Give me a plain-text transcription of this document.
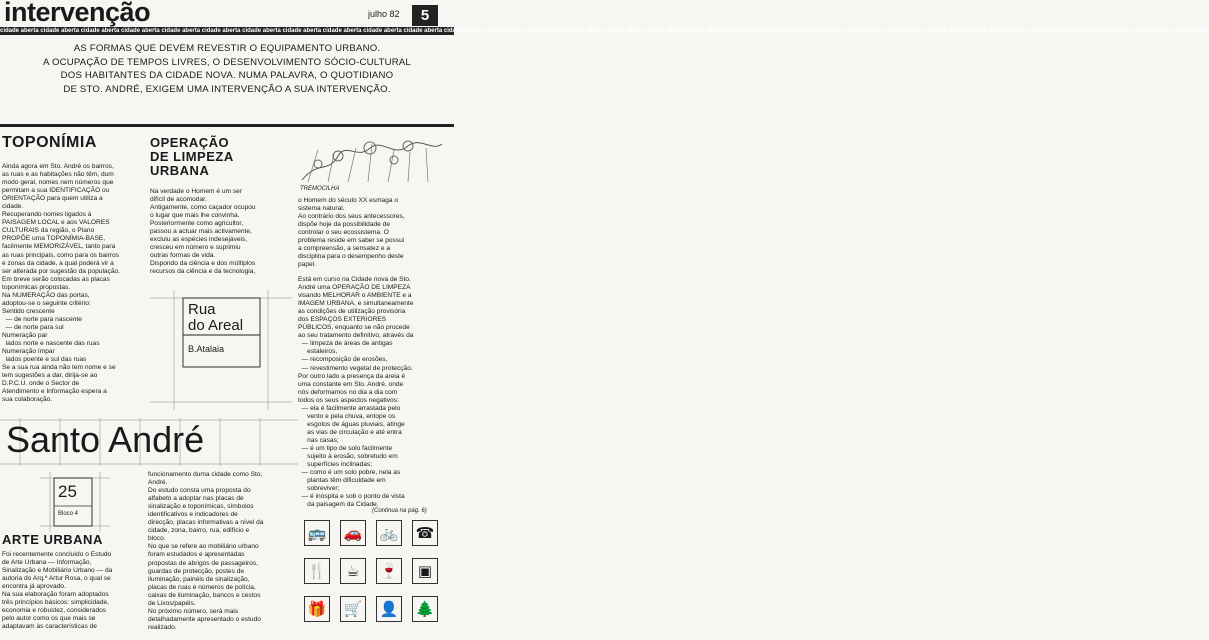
intervenção	julho 82	5
cidade aberta cidade aberta cidade aberta cidade aberta cidade aberta cidade aberta cidade aberta cidade aberta cidade aberta cidade aberta cidade aberta cidade aberta cidade aberta cidade aberta cidade aberta cidade aberta cidade aberta cidade aberta cidade aberta cidade aberta cidade aberta cidade aberta cidade aberta cidade aberta cidade aberta cidade aberta cidade aberta cidade aberta cidade aberta cidade aberta
AS FORMAS QUE DEVEM REVESTIR O EQUIPAMENTO URBANO.
A OCUPAÇÃO DE TEMPOS LIVRES, O DESENVOLVIMENTO SÓCIO-CULTURAL
DOS HABITANTES DA CIDADE NOVA. NUMA PALAVRA, O QUOTIDIANO
DE STO. ANDRÉ, EXIGEM UMA INTERVENÇÃO A SUA INTERVENÇÃO.
TOPONÍMIA
Ainda agora em Sto. André os bairros,
as ruas e as habitações não têm, dum
modo geral, nomes nem números que
permitam a sua IDENTIFICAÇÃO ou
ORIENTAÇÃO para quem utiliza a
cidade.
Recuperando nomes ligados à
PAISAGEM LOCAL e aos VALORES
CULTURAIS da região, o Plano
PROPÕE uma TOPONÍMIA-BASE,
facilmente MEMORIZÁVEL, tanto para
as ruas principais, como para os bairros
e zonas da cidade, a qual poderá vir a
ser alterada por sugestão da população.
Em breve serão colocadas as placas
toponímicas propostas.
Na NUMERAÇÃO das portas,
adoptou-se o seguinte critério:
Sentido crescente
— de norte para nascente
— de norte para sul
Numeração par
lados norte e nascente das ruas
Numeração ímpar
lados poente e sul das ruas
Se a sua rua ainda não tem nome e se
tem sugestões a dar, dirija-se ao
D.P.C.U. onde o Sector de
Atendimento e Informação espera a
sua colaboração.
OPERAÇÃO
DE LIMPEZA
URBANA
Na verdade o Homem é um ser
difícil de acomodar.
Antigamente, como caçador ocupou
o lugar que mais lhe convinha.
Posteriormente como agricultor,
passou a actuar mais activamente,
excluiu as espécies indesejáveis,
cresceu em número e suprimiu
outras formas de vida.
Dispondo da ciência e dos múltiplos
recursos da ciência e da tecnologia,
TREMOCILHA
o Homem do século XX esmaga o
sistema natural.
Ao contrário dos seus antecessores,
dispõe hoje da possibilidade de
controlar o seu ecossistema. O
problema reside em saber se possui
a compreensão, a sensatez e a
disciplina para o desempenho deste
papel.
Está em curso na Cidade nova de Sto.
André uma OPERAÇÃO DE LIMPEZA
visando MELHORAR o AMBIENTE e a
IMAGEM URBANA, e simultaneamente
as condições de utilização provisória
dos ESPAÇOS EXTERIORES
PÚBLICOS, enquanto se não procede
ao seu tratamento definitivo, através da
— limpeza de áreas de antigas
estaleiros,
— recomposição de erosões,
— revestimento vegetal de protecção.
Por outro lado a presença da areia é
uma constante em Sto. André, onde
nós deformamos no dia a dia com
todos os seus aspectos negativos:
— ela é facilmente arrastada pelo
vento e pela chuva, entope os
esgotos de águas pluviais, atinge
as vias de circulação e até entra
nas casas;
— é um tipo de solo facilmente
sujeito à erosão, sobretudo em
superfícies inclinadas;
— como é um solo pobre, nela as
plantas têm dificuldade em
sobreviver;
— é inóspita e sob o ponto de vista
da paisagem da Cidade.
(Continua na pág. 6)
Rua
do Areal
B.Atalaia
Santo André
25
Bloco 4
ARTE URBANA
Foi recentemente concluído o Estudo
de Arte Urbana — Informação,
Sinalização e Mobiliário Urbano — da
autoria do Arq.º Artur Rosa, o qual se
encontra já aprovado.
Na sua elaboração foram adoptados
três princípios básicos: simplicidade,
economia e robustez, considerados
pelo autor como os que mais se
adaptavam às características de
funcionamento duma cidade como Sto.
André.
Do estudo consta uma proposta do
alfabeto a adoptar nas placas de
sinalização e toponímicas, símbolos
identificativos e indicadores de
direcção, placas informativas a nível da
cidade, zona, bairro, rua, edifício e
bloco.
No que se refere ao mobiliário urbano
foram estudados e apresentadas
propostas de abrigos de passageiros,
guardas de protecção, postes de
iluminação, painéis de sinalização,
placas de ruas e números de polícia,
caixas de iluminação, bancos e cestos
de Lixos/papéis.
No próximo número, será mais
detalhadamente apresentado o estudo
realizado.
🚌 🚗 🚲 ☎
🍴	☕	🍷	▣
🎁 🛒 👤 🌲
